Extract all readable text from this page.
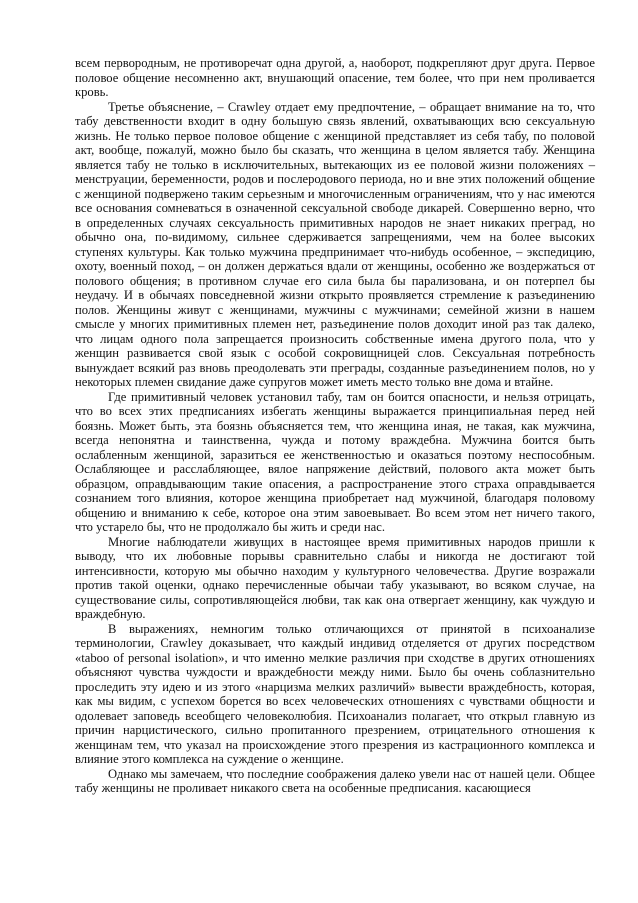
всем первородным, не противоречат одна другой, а, наоборот, подкрепляют друг друга. Первое половое общение несомненно акт, внушающий опасение, тем более, что при нем проливается кровь.

Третье объяснение, – Crawley отдает ему предпочтение, – обращает внимание на то, что табу девственности входит в одну большую связь явлений, охватывающих всю сексуальную жизнь. Не только первое половое общение с женщиной представляет из себя табу, по половой акт, вообще, пожалуй, можно было бы сказать, что женщина в целом является табу. Женщина является табу не только в исключительных, вытекающих из ее половой жизни положениях – менструации, беременности, родов и послеродового периода, но и вне этих положений общение с женщиной подвержено таким серьезным и многочисленным ограничениям, что у нас имеются все основания сомневаться в означенной сексуальной свободе дикарей. Совершенно верно, что в определенных случаях сексуальность примитивных народов не знает никаких преград, но обычно она, по-видимому, сильнее сдерживается запрещениями, чем на более высоких ступенях культуры. Как только мужчина предпринимает что-нибудь особенное, – экспедицию, охоту, военный поход, – он должен держаться вдали от женщины, особенно же воздержаться от полового общения; в противном случае его сила была бы парализована, и он потерпел бы неудачу. И в обычаях повседневной жизни открыто проявляется стремление к разъединению полов. Женщины живут с женщинами, мужчины с мужчинами; семейной жизни в нашем смысле у многих примитивных племен нет, разъединение полов доходит иной раз так далеко, что лицам одного пола запрещается произносить собственные имена другого пола, что у женщин развивается свой язык с особой сокровищницей слов. Сексуальная потребность вынуждает всякий раз вновь преодолевать эти преграды, созданные разъединением полов, но у некоторых племен свидание даже супругов может иметь место только вне дома и втайне.

Где примитивный человек установил табу, там он боится опасности, и нельзя отрицать, что во всех этих предписаниях избегать женщины выражается принципиальная перед ней боязнь. Может быть, эта боязнь объясняется тем, что женщина иная, не такая, как мужчина, всегда непонятна и таинственна, чужда и потому враждебна. Мужчина боится быть ослабленным женщиной, заразиться ее женственностью и оказаться поэтому неспособным. Ослабляющее и расслабляющее, вялое напряжение действий, полового акта может быть образцом, оправдывающим такие опасения, а распространение этого страха оправдывается сознанием того влияния, которое женщина приобретает над мужчиной, благодаря половому общению и вниманию к себе, которое она этим завоевывает. Во всем этом нет ничего такого, что устарело бы, что не продолжало бы жить и среди нас.

Многие наблюдатели живущих в настоящее время примитивных народов пришли к выводу, что их любовные порывы сравнительно слабы и никогда не достигают той интенсивности, которую мы обычно находим у культурного человечества. Другие возражали против такой оценки, однако перечисленные обычаи табу указывают, во всяком случае, на существование силы, сопротивляющейся любви, так как она отвергает женщину, как чуждую и враждебную.

В выражениях, немногим только отличающихся от принятой в психоанализе терминологии, Crawley доказывает, что каждый индивид отделяется от других посредством «taboo of personal isolation», и что именно мелкие различия при сходстве в других отношениях объясняют чувства чуждости и враждебности между ними. Было бы очень соблазнительно проследить эту идею и из этого «нарцизма мелких различий» вывести враждебность, которая, как мы видим, с успехом борется во всех человеческих отношениях с чувствами общности и одолевает заповедь всеобщего человеколюбия. Психоанализ полагает, что открыл главную из причин нарцистического, сильно пропитанного презрением, отрицательного отношения к женщинам тем, что указал на происхождение этого презрения из кастрационного комплекса и влияние этого комплекса на суждение о женщине.

Однако мы замечаем, что последние соображения далеко увели нас от нашей цели. Общее табу женщины не проливает никакого света на особенные предписания. касающиеся
